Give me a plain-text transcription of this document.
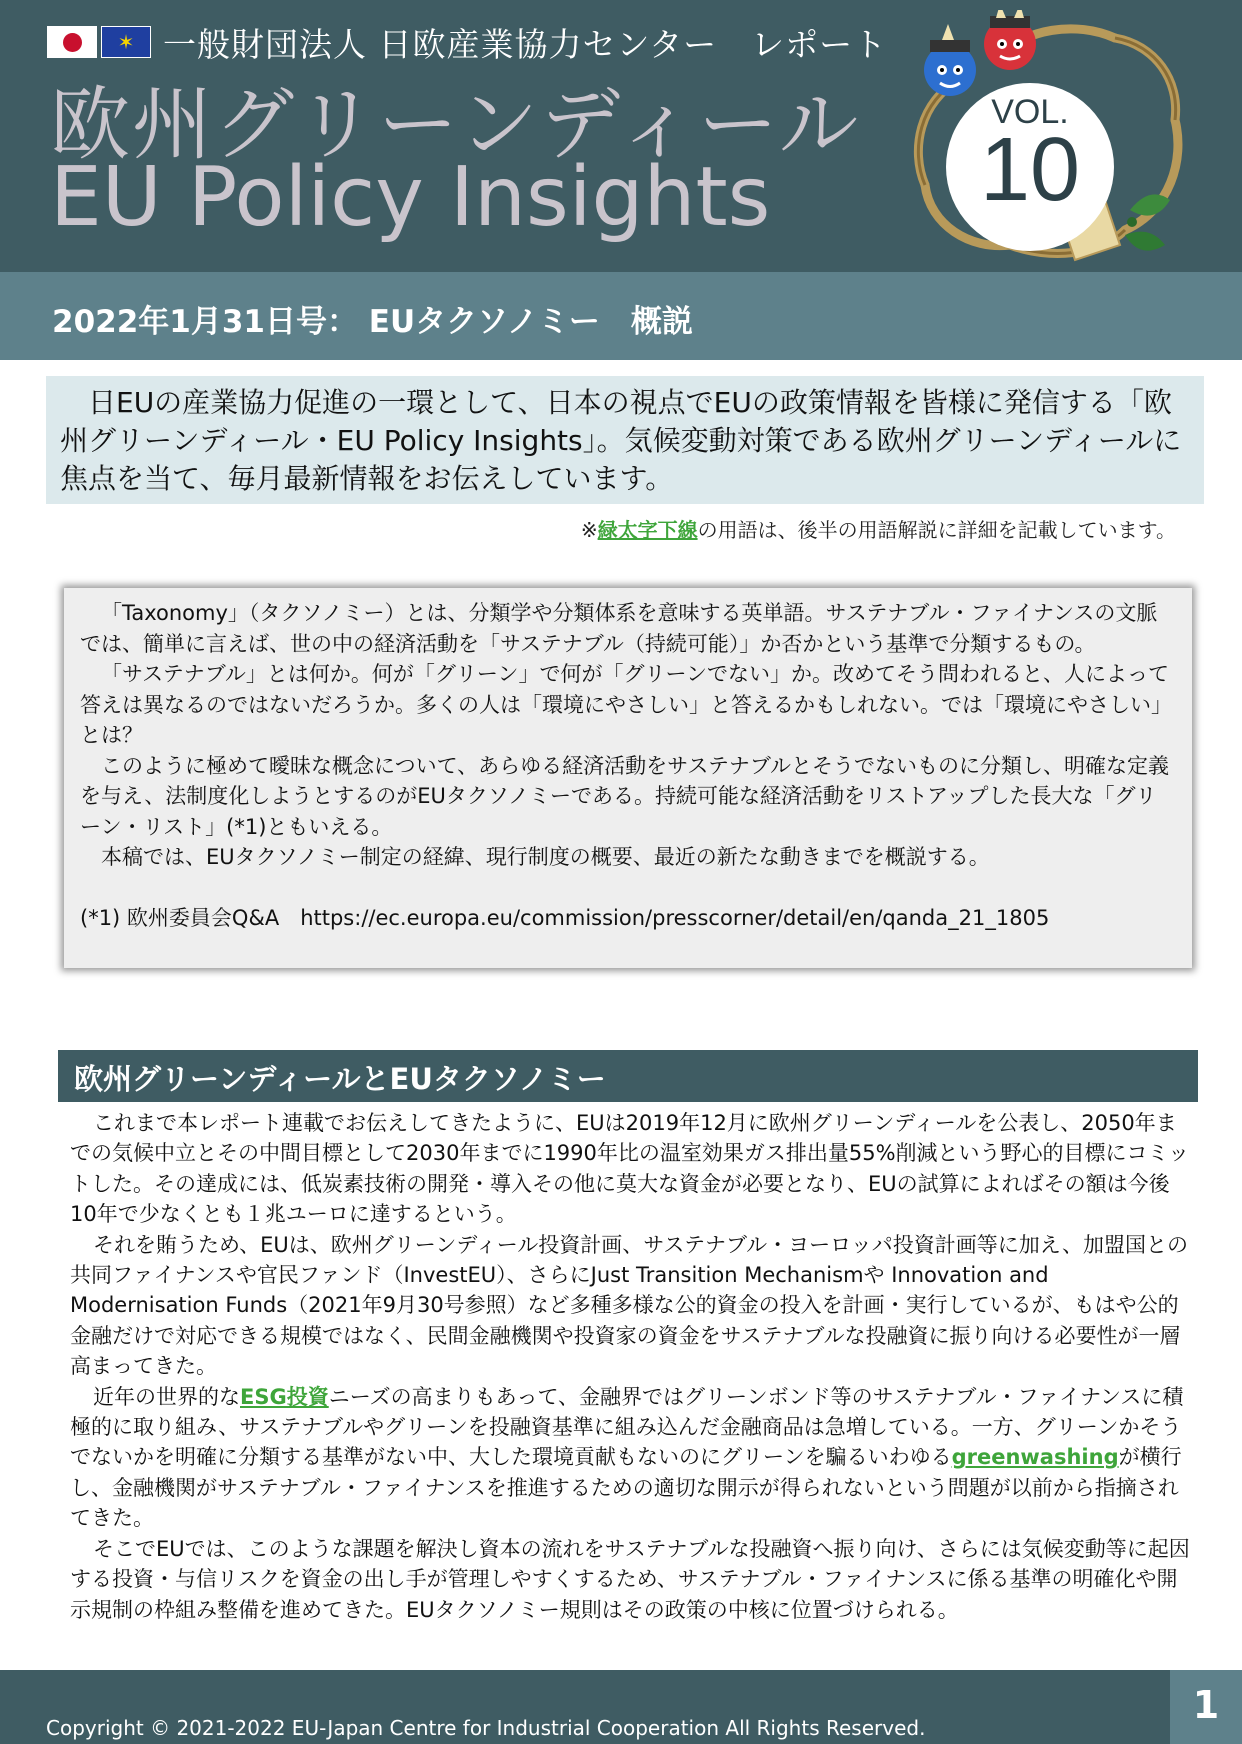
✶ 一般財団法人 日欧産業協力センター　レポート
欧州グリーンディール
EU Policy Insights
VOL.
10
2022年1月31日号： EUタクソノミー　概説

日EUの産業協力促進の一環として、日本の視点でEUの政策情報を皆様に発信する「欧州グリーンディール・EU Policy Insights」。気候変動対策である欧州グリーンディールに焦点を当て、毎月最新情報をお伝えしています。

※緑太字下線の用語は、後半の用語解説に詳細を記載しています。

「Taxonomy」（タクソノミー）とは、分類学や分類体系を意味する英単語。サステナブル・ファイナンスの文脈では、簡単に言えば、世の中の経済活動を「サステナブル（持続可能）」か否かという基準で分類するもの。

「サステナブル」とは何か。何が「グリーン」で何が「グリーンでない」か。改めてそう問われると、人によって答えは異なるのではないだろうか。多くの人は「環境にやさしい」と答えるかもしれない。では「環境にやさしい」とは？

このように極めて曖昧な概念について、あらゆる経済活動をサステナブルとそうでないものに分類し、明確な定義を与え、法制度化しようとするのがEUタクソノミーである。持続可能な経済活動をリストアップした長大な「グリーン・リスト」(*1)ともいえる。

本稿では、EUタクソノミー制定の経緯、現行制度の概要、最近の新たな動きまでを概説する。

(*1) 欧州委員会Q&A　https://ec.europa.eu/commission/presscorner/detail/en/qanda_21_1805

欧州グリーンディールとEUタクソノミー

これまで本レポート連載でお伝えしてきたように、EUは2019年12月に欧州グリーンディールを公表し、2050年までの気候中立とその中間目標として2030年までに1990年比の温室効果ガス排出量55%削減という野心的目標にコミットした。その達成には、低炭素技術の開発・導入その他に莫大な資金が必要となり、EUの試算によればその額は今後10年で少なくとも１兆ユーロに達するという。

それを賄うため、EUは、欧州グリーンディール投資計画、サステナブル・ヨーロッパ投資計画等に加え、加盟国との共同ファイナンスや官民ファンド（InvestEU）、さらにJust Transition Mechanismや Innovation and Modernisation Funds（2021年9月30号参照）など多種多様な公的資金の投入を計画・実行しているが、もはや公的金融だけで対応できる規模ではなく、民間金融機関や投資家の資金をサステナブルな投融資に振り向ける必要性が一層高まってきた。

近年の世界的なESG投資ニーズの高まりもあって、金融界ではグリーンボンド等のサステナブル・ファイナンスに積極的に取り組み、サステナブルやグリーンを投融資基準に組み込んだ金融商品は急増している。一方、グリーンかそうでないかを明確に分類する基準がない中、大した環境貢献もないのにグリーンを騙るいわゆるgreenwashingが横行し、金融機関がサステナブル・ファイナンスを推進するための適切な開示が得られないという問題が以前から指摘されてきた。

そこでEUでは、このような課題を解決し資本の流れをサステナブルな投融資へ振り向け、さらには気候変動等に起因する投資・与信リスクを資金の出し手が管理しやすくするため、サステナブル・ファイナンスに係る基準の明確化や開示規制の枠組み整備を進めてきた。EUタクソノミー規則はその政策の中核に位置づけられる。

Copyright © 2021-2022 EU-Japan Centre for Industrial Cooperation All Rights Reserved.
1
